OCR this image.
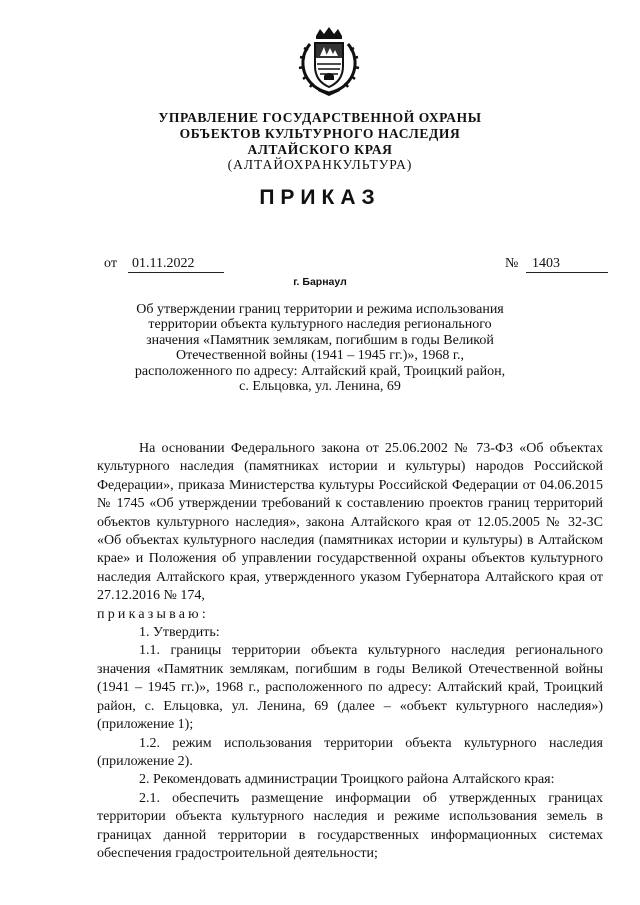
УПРАВЛЕНИЕ ГОСУДАРСТВЕННОЙ ОХРАНЫ
ОБЪЕКТОВ КУЛЬТУРНОГО НАСЛЕДИЯ
АЛТАЙСКОГО КРАЯ
(АЛТАЙОХРАНКУЛЬТУРА)
ПРИКАЗ
от 01.11.2022	№ 1403
г. Барнаул
Об утверждении границ территории и режима использования
территории объекта культурного наследия регионального
значения «Памятник землякам, погибшим в годы Великой
Отечественной войны (1941 – 1945 гг.)», 1968 г.,
расположенного по адресу: Алтайский край, Троицкий район,
с. Ельцовка, ул. Ленина, 69

На основании Федерального закона от 25.06.2002 № 73-ФЗ «Об объектах культурного наследия (памятниках истории и культуры) народов Российской Федерации», приказа Министерства культуры Российской Федерации от 04.06.2015 № 1745 «Об утверждении требований к составлению проектов границ территорий объектов культурного наследия», закона Алтайского края от 12.05.2005 № 32-ЗС «Об объектах культурного наследия (памятниках истории и культуры) в Алтайском крае» и Положения об управлении государственной охраны объектов культурного наследия Алтайского края, утвержденного указом Губернатора Алтайского края от 27.12.2016 № 174,

приказываю:

1. Утвердить:

1.1. границы территории объекта культурного наследия регионального значения «Памятник землякам, погибшим в годы Великой Отечественной войны (1941 – 1945 гг.)», 1968 г., расположенного по адресу: Алтайский край, Троицкий район, с. Ельцовка, ул. Ленина, 69 (далее – «объект культурного наследия») (приложение 1);

1.2. режим использования территории объекта культурного наследия (приложение 2).

2. Рекомендовать администрации Троицкого района Алтайского края:

2.1. обеспечить размещение информации об утвержденных границах территории объекта культурного наследия и режиме использования земель в границах данной территории в государственных информационных системах обеспечения градостроительной деятельности;
